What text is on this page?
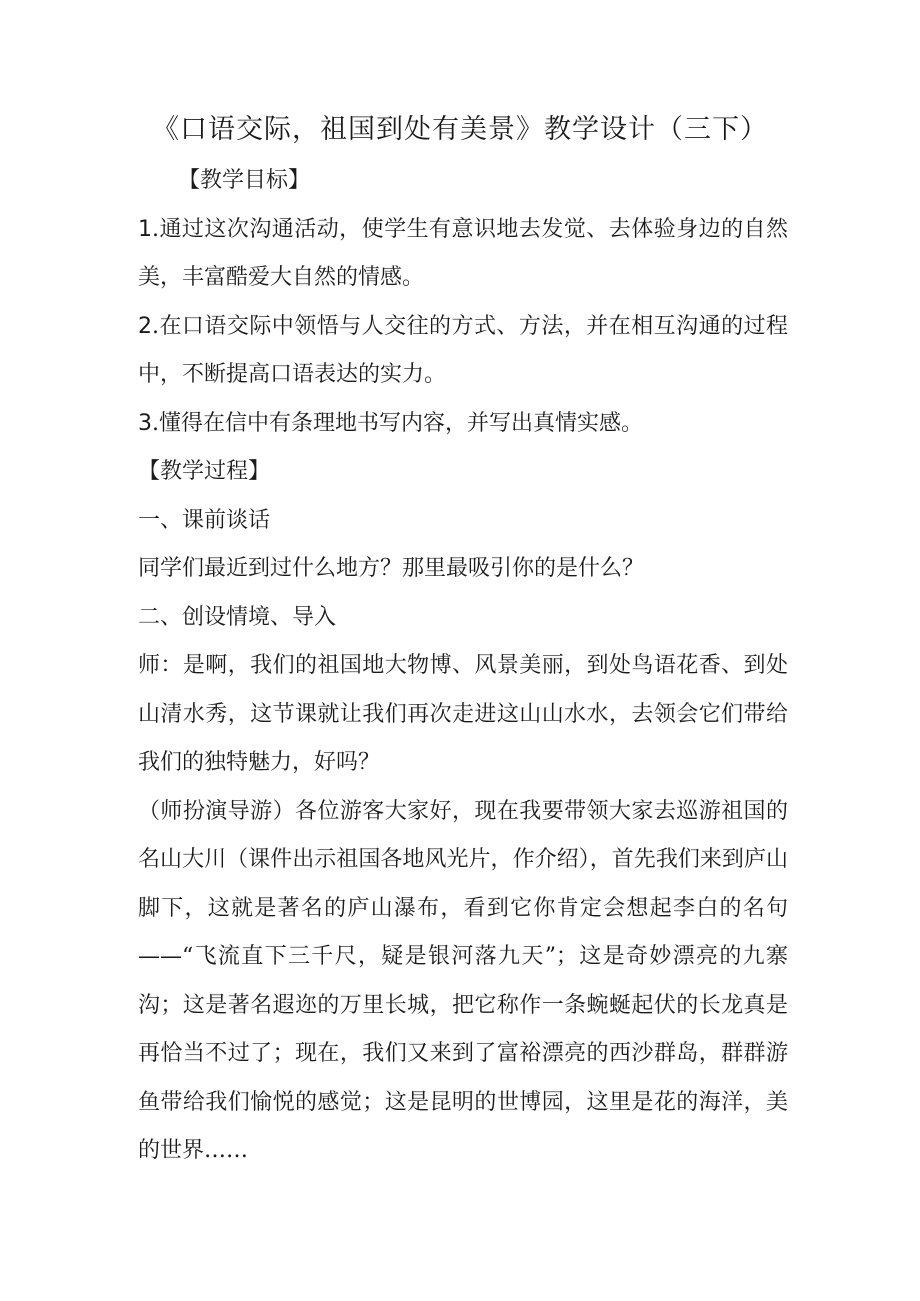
《口语交际，祖国到处有美景》教学设计（三下）

【教学目标】

1.通过这次沟通活动，使学生有意识地去发觉、去体验身边的自然美，丰富酷爱大自然的情感。

2.在口语交际中领悟与人交往的方式、方法，并在相互沟通的过程中，不断提高口语表达的实力。

3.懂得在信中有条理地书写内容，并写出真情实感。

【教学过程】

一、课前谈话

同学们最近到过什么地方？那里最吸引你的是什么？

二、创设情境、导入

师：是啊，我们的祖国地大物博、风景美丽，到处鸟语花香、到处山清水秀，这节课就让我们再次走进这山山水水，去领会它们带给我们的独特魅力，好吗？

（师扮演导游）各位游客大家好，现在我要带领大家去巡游祖国的名山大川（课件出示祖国各地风光片，作介绍），首先我们来到庐山脚下，这就是著名的庐山瀑布，看到它你肯定会想起李白的名句——“飞流直下三千尺，疑是银河落九天”；这是奇妙漂亮的九寨沟；这是著名遐迩的万里长城，把它称作一条蜿蜒起伏的长龙真是再恰当不过了；现在，我们又来到了富裕漂亮的西沙群岛，群群游鱼带给我们愉悦的感觉；这是昆明的世博园，这里是花的海洋，美的世界……
